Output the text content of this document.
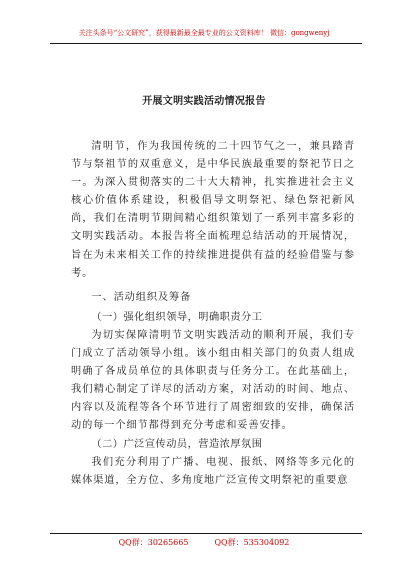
关注头条号“公文研究”，获得最新最全最专业的公文资料库！ 微信：gongwenyj
开展文明实践活动情况报告

清明节，作为我国传统的二十四节气之一，兼具踏青节与祭祖节的双重意义，是中华民族最重要的祭祀节日之一。为深入贯彻落实的二十大大精神，扎实推进社会主义核心价值体系建设，积极倡导文明祭祀、绿色祭祀新风尚，我们在清明节期间精心组织策划了一系列丰富多彩的文明实践活动。本报告将全面梳理总结活动的开展情况，旨在为未来相关工作的持续推进提供有益的经验借鉴与参考。

一、活动组织及筹备

（一）强化组织领导，明确职责分工

为切实保障清明节文明实践活动的顺利开展，我们专门成立了活动领导小组。该小组由相关部门的负责人组成明确了各成员单位的具体职责与任务分工。在此基础上，我们精心制定了详尽的活动方案，对活动的时间、地点、内容以及流程等各个环节进行了周密细致的安排，确保活动的每一个细节都得到充分考虑和妥善安排。

（二）广泛宣传动员，营造浓厚氛围

我们充分利用了广播、电视、报纸、网络等多元化的媒体渠道，全方位、多角度地广泛宣传文明祭祀的重要意

QQ群：30265665	QQ群：535304092
